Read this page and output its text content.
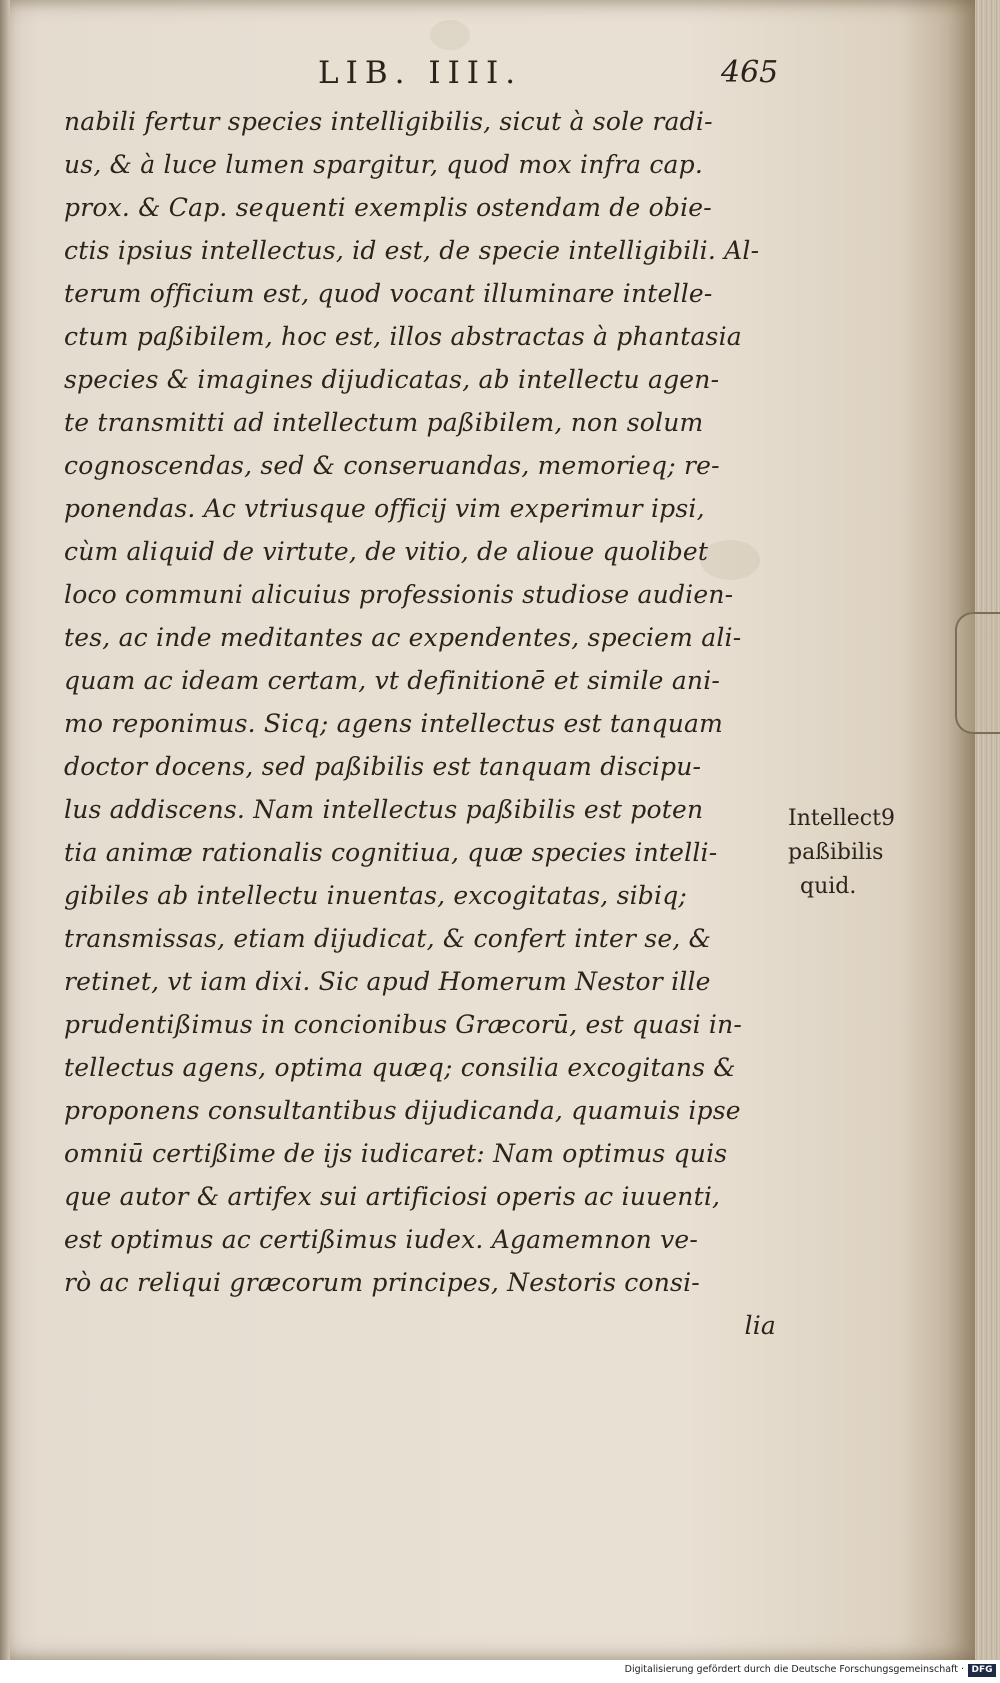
LIB. IIII.	465
nabili fertur species intelligibilis, sicut à sole radi-
us, & à luce lumen spargitur, quod mox infra cap.
prox. & Cap. sequenti exemplis ostendam de obie-
ctis ipsius intellectus, id est, de specie intelligibili. Al-
terum officium est, quod vocant illuminare intelle-
ctum paßibilem, hoc est, illos abstractas à phantasia
species & imagines dijudicatas, ab intellectu agen-
te transmitti ad intellectum paßibilem, non solum
cognoscendas, sed & conseruandas, memorieq; re-
ponendas. Ac vtriusque officij vim experimur ipsi,
cùm aliquid de virtute, de vitio, de alioue quolibet
loco communi alicuius professionis studiose audien-
tes, ac inde meditantes ac expendentes, speciem ali-
quam ac ideam certam, vt definitionē et simile ani-
mo reponimus. Sicq; agens intellectus est tanquam
doctor docens, sed paßibilis est tanquam discipu-
lus addiscens. Nam intellectus paßibilis est poten
tia animæ rationalis cognitiua, quæ species intelli-
gibiles ab intellectu inuentas, excogitatas, sibiq;
transmissas, etiam dijudicat, & confert inter se, &
retinet, vt iam dixi. Sic apud Homerum Nestor ille
prudentißimus in concionibus Græcorū, est quasi in-
tellectus agens, optima quæq; consilia excogitans &
proponens consultantibus dijudicanda, quamuis ipse
omniū certißime de ijs iudicaret: Nam optimus quis
que autor & artifex sui artificiosi operis ac iuuenti,
est optimus ac certißimus iudex. Agamemnon ve-
rò ac reliqui græcorum principes, Nestoris consi-
lia
Intellect9
paßibilis
quid.
Digitalisierung gefördert durch die Deutsche Forschungsgemeinschaft · DFG
